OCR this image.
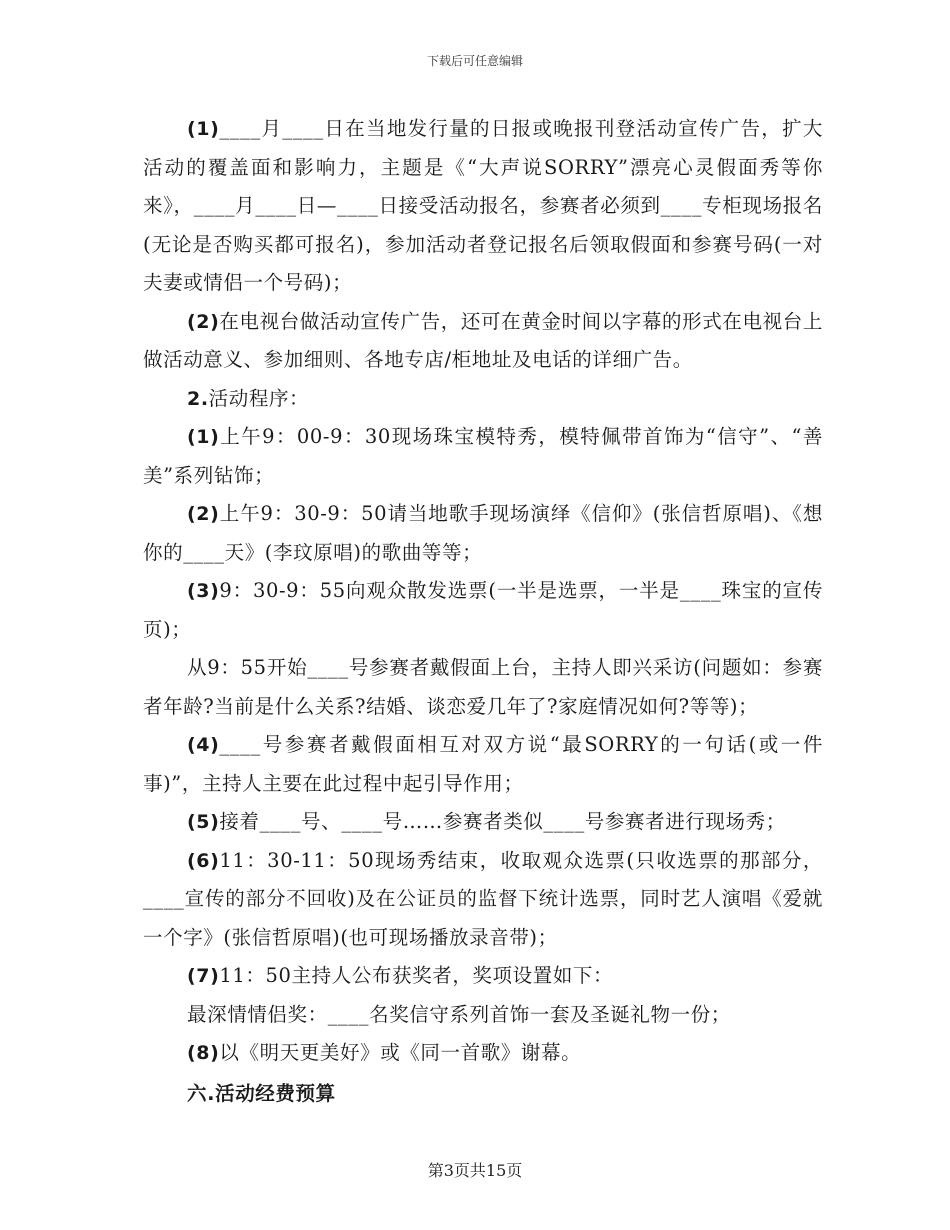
下载后可任意编辑

(1)____月____日在当地发行量的日报或晚报刊登活动宣传广告，扩大活动的覆盖面和影响力，主题是《“大声说SORRY”漂亮心灵假面秀等你来》，____月____日—____日接受活动报名，参赛者必须到____专柜现场报名(无论是否购买都可报名)，参加活动者登记报名后领取假面和参赛号码(一对夫妻或情侣一个号码)；

(2)在电视台做活动宣传广告，还可在黄金时间以字幕的形式在电视台上做活动意义、参加细则、各地专店/柜地址及电话的详细广告。

2.活动程序：

(1)上午9：00-9：30现场珠宝模特秀，模特佩带首饰为“信守”、“善美”系列钻饰；

(2)上午9：30-9：50请当地歌手现场演绎《信仰》(张信哲原唱)、《想你的____天》(李玟原唱)的歌曲等等；

(3)9：30-9：55向观众散发选票(一半是选票，一半是____珠宝的宣传页)；

从9：55开始____号参赛者戴假面上台，主持人即兴采访(问题如：参赛者年龄?当前是什么关系?结婚、谈恋爱几年了?家庭情况如何?等等)；

(4)____号参赛者戴假面相互对双方说“最SORRY的一句话(或一件事)”，主持人主要在此过程中起引导作用；

(5)接着____号、____号……参赛者类似____号参赛者进行现场秀；

(6)11：30-11：50现场秀结束，收取观众选票(只收选票的那部分，____宣传的部分不回收)及在公证员的监督下统计选票，同时艺人演唱《爱就一个字》(张信哲原唱)(也可现场播放录音带)；

(7)11：50主持人公布获奖者，奖项设置如下：

最深情情侣奖：____名奖信守系列首饰一套及圣诞礼物一份；

(8)以《明天更美好》或《同一首歌》谢幕。

六.活动经费预算

第3页共15页
